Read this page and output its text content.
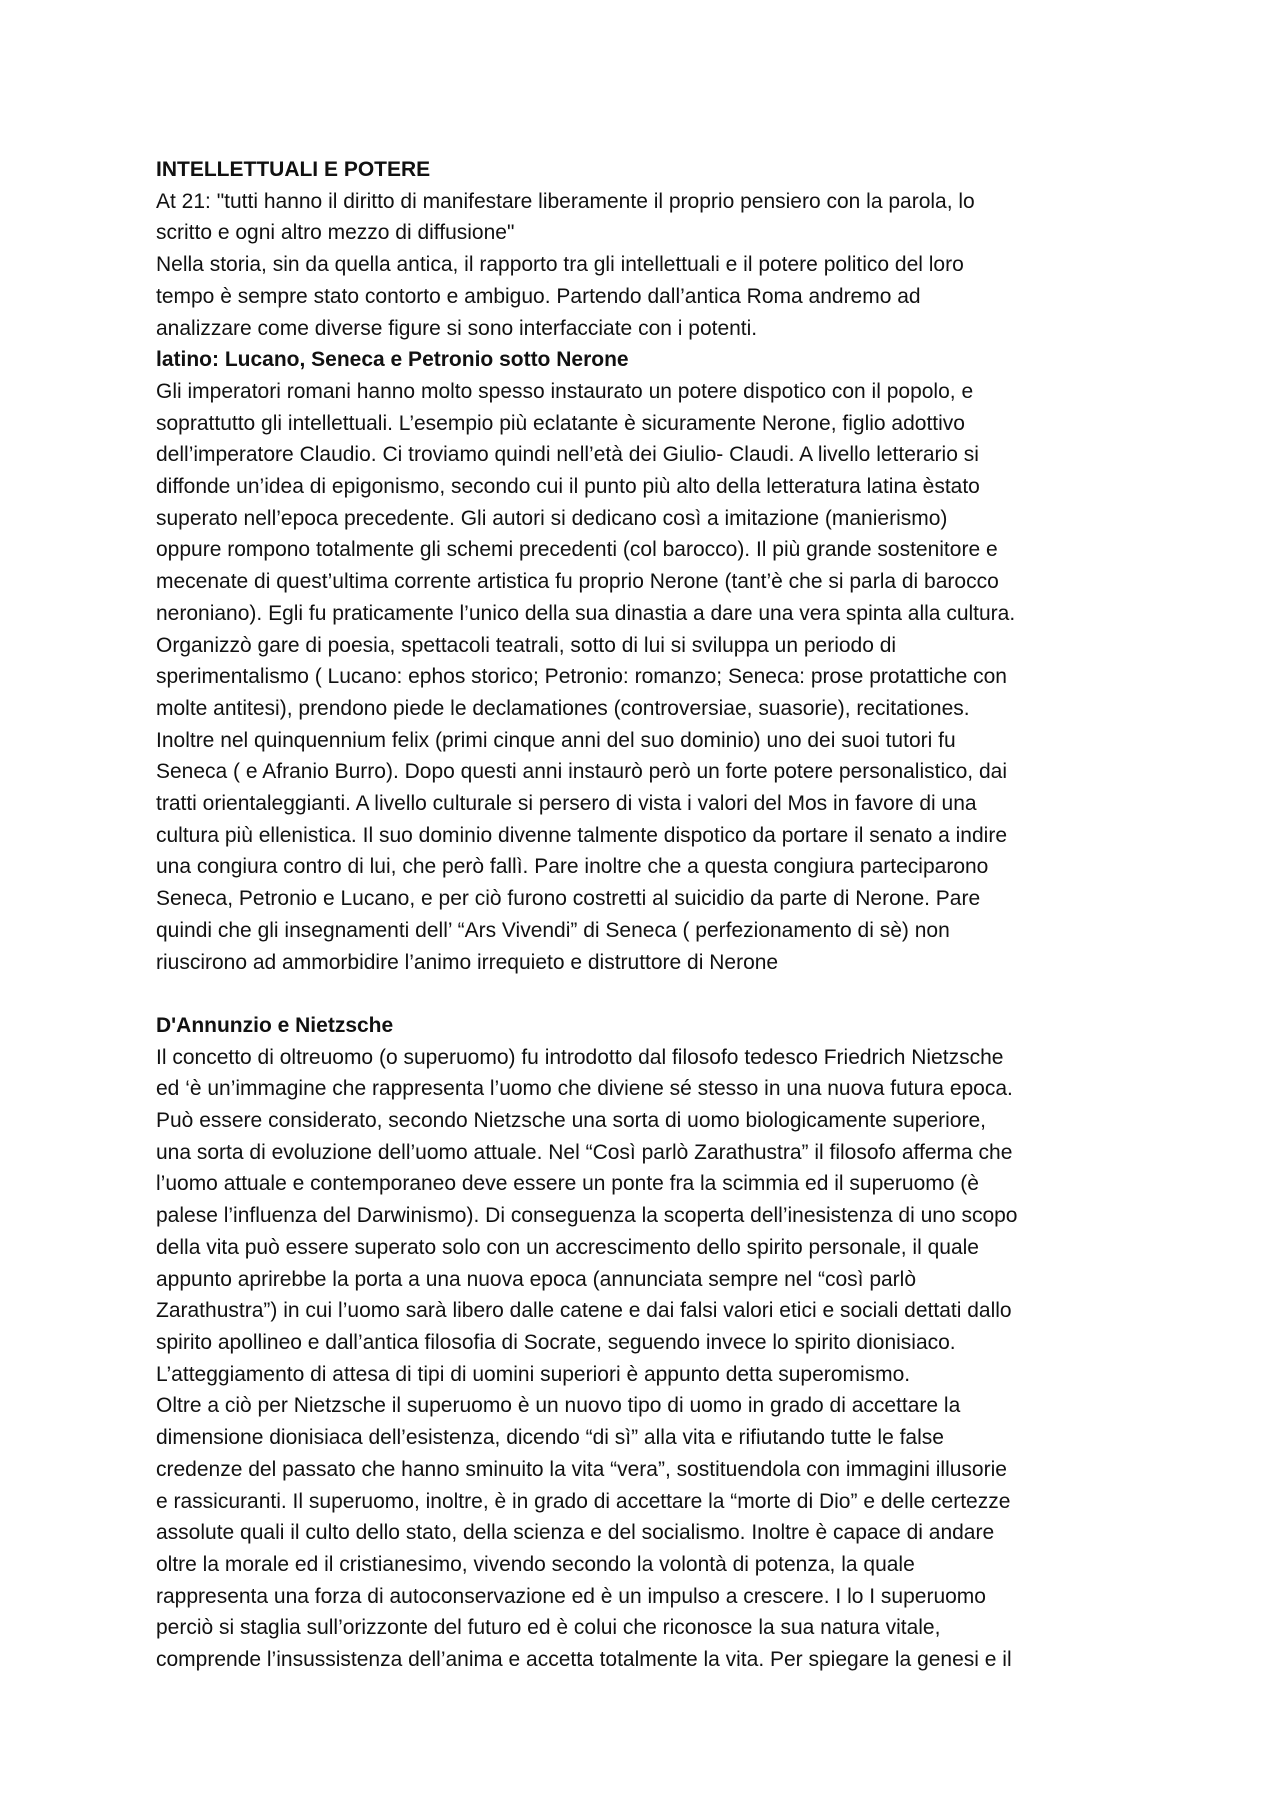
INTELLETTUALI E POTERE
At 21: "tutti hanno il diritto di manifestare liberamente il proprio pensiero con la parola, lo
scritto e ogni altro mezzo di diffusione"
Nella storia, sin da quella antica, il rapporto tra gli intellettuali e il potere politico del loro
tempo è sempre stato contorto e ambiguo. Partendo dall’antica Roma andremo ad
analizzare come diverse figure si sono interfacciate con i potenti.
latino: Lucano, Seneca e Petronio sotto Nerone
Gli imperatori romani hanno molto spesso instaurato un potere dispotico con il popolo, e
soprattutto gli intellettuali. L’esempio più eclatante è sicuramente Nerone, figlio adottivo
dell’imperatore Claudio. Ci troviamo quindi nell’età dei Giulio- Claudi. A livello letterario si
diffonde un’idea di epigonismo, secondo cui il punto più alto della letteratura latina èstato
superato nell’epoca precedente. Gli autori si dedicano così a imitazione (manierismo)
oppure rompono totalmente gli schemi precedenti (col barocco). Il più grande sostenitore e
mecenate di quest’ultima corrente artistica fu proprio Nerone (tant’è che si parla di barocco
neroniano). Egli fu praticamente l’unico della sua dinastia a dare una vera spinta alla cultura.
Organizzò gare di poesia, spettacoli teatrali, sotto di lui si sviluppa un periodo di
sperimentalismo ( Lucano: ephos storico; Petronio: romanzo; Seneca: prose protattiche con
molte antitesi), prendono piede le declamationes (controversiae, suasorie), recitationes.
Inoltre nel quinquennium felix (primi cinque anni del suo dominio) uno dei suoi tutori fu
Seneca ( e Afranio Burro). Dopo questi anni instaurò però un forte potere personalistico, dai
tratti orientaleggianti. A livello culturale si persero di vista i valori del Mos in favore di una
cultura più ellenistica. Il suo dominio divenne talmente dispotico da portare il senato a indire
una congiura contro di lui, che però fallì. Pare inoltre che a questa congiura parteciparono
Seneca, Petronio e Lucano, e per ciò furono costretti al suicidio da parte di Nerone. Pare
quindi che gli insegnamenti dell’ “Ars Vivendi” di Seneca ( perfezionamento di sè) non
riuscirono ad ammorbidire l’animo irrequieto e distruttore di Nerone
D'Annunzio e Nietzsche
Il concetto di oltreuomo (o superuomo) fu introdotto dal filosofo tedesco Friedrich Nietzsche
ed ‘è un’immagine che rappresenta l’uomo che diviene sé stesso in una nuova futura epoca.
Può essere considerato, secondo Nietzsche una sorta di uomo biologicamente superiore,
una sorta di evoluzione dell’uomo attuale. Nel “Così parlò Zarathustra” il filosofo afferma che
l’uomo attuale e contemporaneo deve essere un ponte fra la scimmia ed il superuomo (è
palese l’influenza del Darwinismo). Di conseguenza la scoperta dell’inesistenza di uno scopo
della vita può essere superato solo con un accrescimento dello spirito personale, il quale
appunto aprirebbe la porta a una nuova epoca (annunciata sempre nel “così parlò
Zarathustra”) in cui l’uomo sarà libero dalle catene e dai falsi valori etici e sociali dettati dallo
spirito apollineo e dall’antica filosofia di Socrate, seguendo invece lo spirito dionisiaco.
L’atteggiamento di attesa di tipi di uomini superiori è appunto detta superomismo.
Oltre a ciò per Nietzsche il superuomo è un nuovo tipo di uomo in grado di accettare la
dimensione dionisiaca dell’esistenza, dicendo “di sì” alla vita e rifiutando tutte le false
credenze del passato che hanno sminuito la vita “vera”, sostituendola con immagini illusorie
e rassicuranti. Il superuomo, inoltre, è in grado di accettare la “morte di Dio” e delle certezze
assolute quali il culto dello stato, della scienza e del socialismo. Inoltre è capace di andare
oltre la morale ed il cristianesimo, vivendo secondo la volontà di potenza, la quale
rappresenta una forza di autoconservazione ed è un impulso a crescere. I lo I superuomo
perciò si staglia sull’orizzonte del futuro ed è colui che riconosce la sua natura vitale,
comprende l’insussistenza dell’anima e accetta totalmente la vita. Per spiegare la genesi e il
